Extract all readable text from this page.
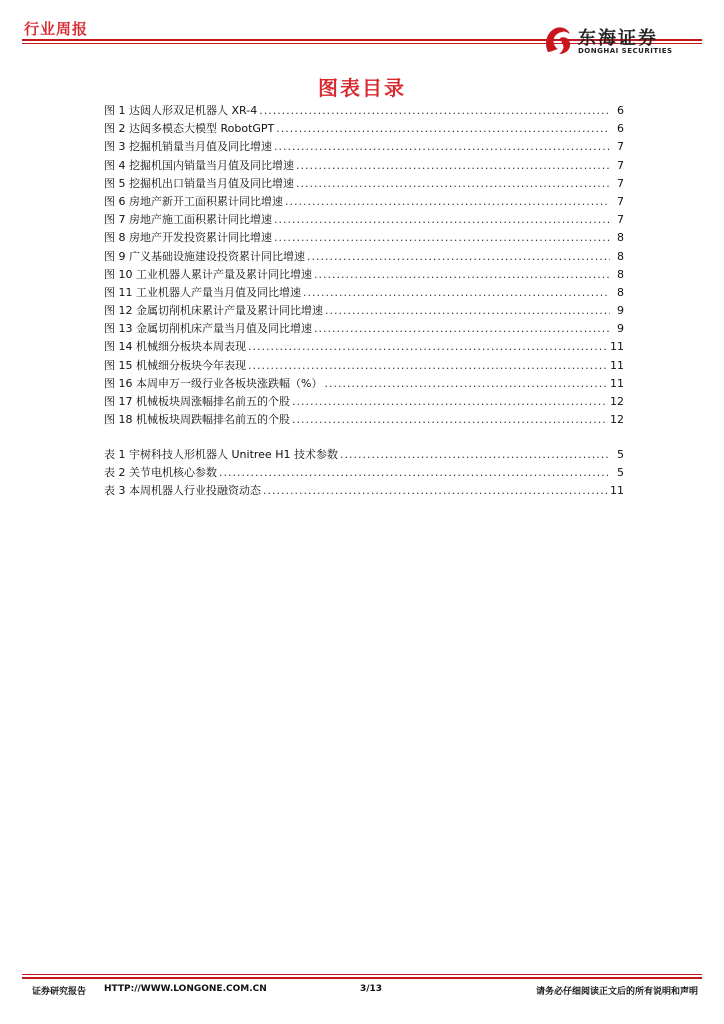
行业周报	东海证券
DONGHAI SECURITIES
图表目录
图 1 达闼人形双足机器人 XR-4 .....	6
图 2 达闼多模态大模型 RobotGPT .....	6
图 3 挖掘机销量当月值及同比增速 .....	7
图 4 挖掘机国内销量当月值及同比增速 .....	7
图 5 挖掘机出口销量当月值及同比增速 .....	7
图 6 房地产新开工面积累计同比增速 .....	7
图 7 房地产施工面积累计同比增速 .....	7
图 8 房地产开发投资累计同比增速 .....	8
图 9 广义基础设施建设投资累计同比增速 .....	8
图 10 工业机器人累计产量及累计同比增速 .....	8
图 11 工业机器人产量当月值及同比增速 .....	8
图 12 金属切削机床累计产量及累计同比增速 .....	9
图 13 金属切削机床产量当月值及同比增速 .....	9
图 14 机械细分板块本周表现 .....	11
图 15 机械细分板块今年表现 .....	11
图 16 本周申万一级行业各板块涨跌幅（%） .....	11
图 17 机械板块周涨幅排名前五的个股 .....	12
图 18 机械板块周跌幅排名前五的个股 .....	12
表 1 宇树科技人形机器人 Unitree H1 技术参数 .....	5
表 2 关节电机核心参数 .....	5
表 3 本周机器人行业投融资动态 .....	11
证券研究报告 HTTP://WWW.LONGONE.COM.CN	3/13	请务必仔细阅读正文后的所有说明和声明
